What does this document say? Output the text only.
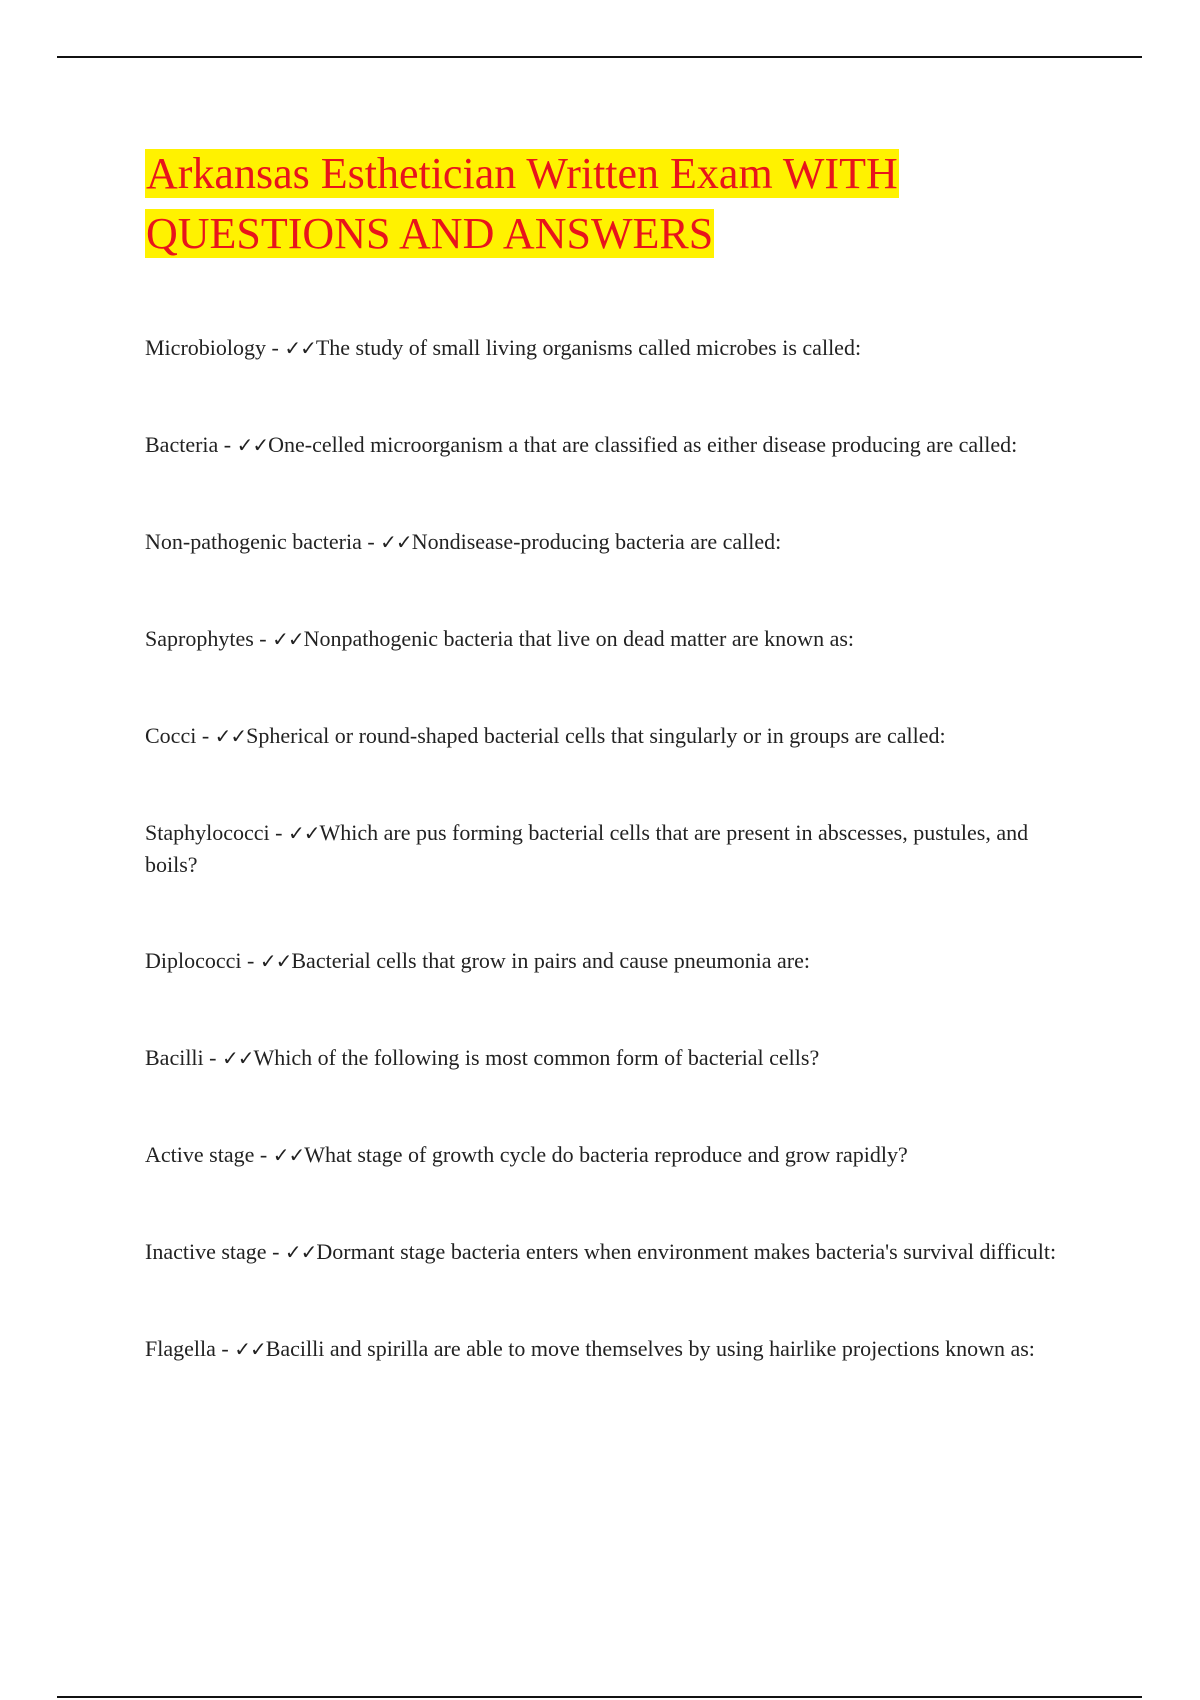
Arkansas Esthetician Written Exam WITH
QUESTIONS AND ANSWERS
Microbiology - ✓✓The study of small living organisms called microbes is called:
Bacteria - ✓✓One-celled microorganism a that are classified as either disease producing are called:
Non-pathogenic bacteria - ✓✓Nondisease-producing bacteria are called:
Saprophytes - ✓✓Nonpathogenic bacteria that live on dead matter are known as:
Cocci - ✓✓Spherical or round-shaped bacterial cells that singularly or in groups are called:
Staphylococci - ✓✓Which are pus forming bacterial cells that are present in abscesses, pustules, and boils?
Diplococci - ✓✓Bacterial cells that grow in pairs and cause pneumonia are:
Bacilli - ✓✓Which of the following is most common form of bacterial cells?
Active stage - ✓✓What stage of growth cycle do bacteria reproduce and grow rapidly?
Inactive stage - ✓✓Dormant stage bacteria enters when environment makes bacteria's survival difficult:
Flagella - ✓✓Bacilli and spirilla are able to move themselves by using hairlike projections known as:
